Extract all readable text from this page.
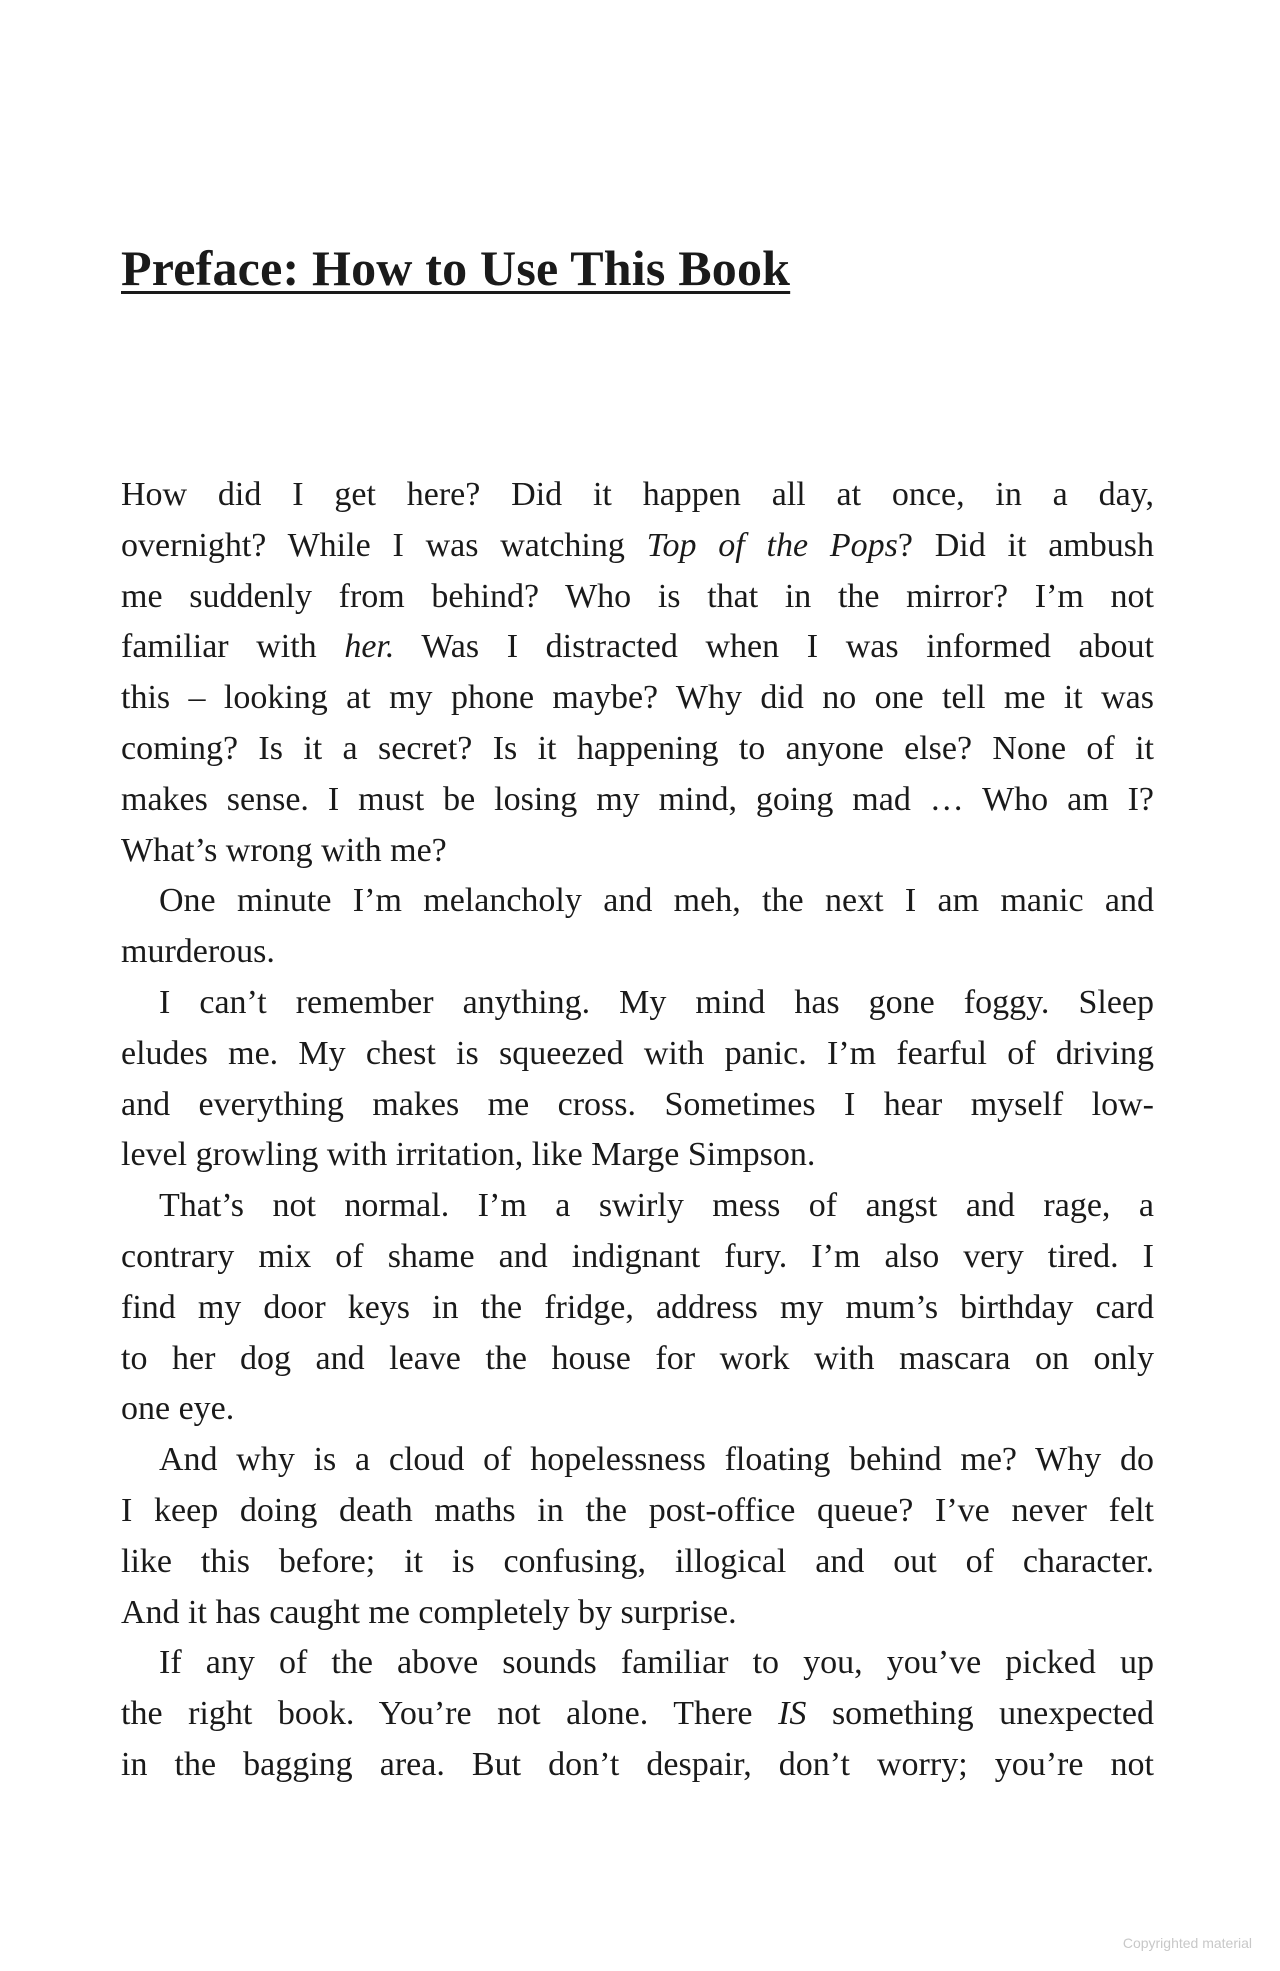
Preface: How to Use This Book
How did I get here? Did it happen all at once, in a day,
overnight? While I was watching Top of the Pops? Did it ambush
me suddenly from behind? Who is that in the mirror? I’m not
familiar with her. Was I distracted when I was informed about
this – looking at my phone maybe? Why did no one tell me it was
coming? Is it a secret? Is it happening to anyone else? None of it
makes sense. I must be losing my mind, going mad … Who am I?
What’s wrong with me?
One minute I’m melancholy and meh, the next I am manic and
murderous.
I can’t remember anything. My mind has gone foggy. Sleep
eludes me. My chest is squeezed with panic. I’m fearful of driving
and everything makes me cross. Sometimes I hear myself low-
level growling with irritation, like Marge Simpson.
That’s not normal. I’m a swirly mess of angst and rage, a
contrary mix of shame and indignant fury. I’m also very tired. I
find my door keys in the fridge, address my mum’s birthday card
to her dog and leave the house for work with mascara on only
one eye.
And why is a cloud of hopelessness floating behind me? Why do
I keep doing death maths in the post-office queue? I’ve never felt
like this before; it is confusing, illogical and out of character.
And it has caught me completely by surprise.
If any of the above sounds familiar to you, you’ve picked up
the right book. You’re not alone. There IS something unexpected
in the bagging area. But don’t despair, don’t worry; you’re not
Copyrighted material
